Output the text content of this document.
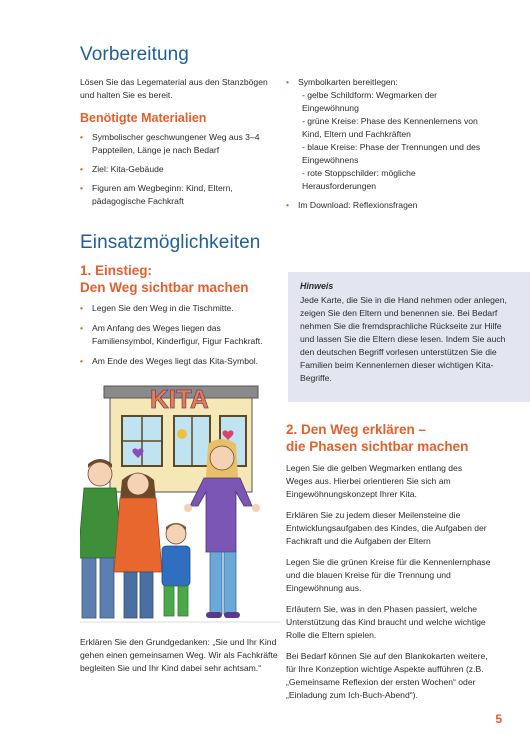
Vorbereitung

Lösen Sie das Legematerial aus den Stanzbögen und halten Sie es bereit.

Benötigte Materialien
• Symbolischer geschwungener Weg aus 3–4 Pappteilen, Länge je nach Bedarf
• Ziel: Kita-Gebäude
• Figuren am Wegbeginn: Kind, Eltern, pädagogische Fachkraft
• Symbolkarten bereitlegen:
- gelbe Schildform: Wegmarken der Eingewöhnung
- grüne Kreise: Phase des Kennenlernens von Kind, Eltern und Fachkräften
- blaue Kreise: Phase der Trennungen und des Eingewöhnens
- rote Stoppschilder: mögliche Herausforderungen
• Im Download: Reflexionsfragen
Einsatzmöglichkeiten
1. Einstieg:
Den Weg sichtbar machen
• Legen Sie den Weg in die Tischmitte.
• Am Anfang des Weges liegen das Familiensymbol, Kinderfigur, Figur Fachkraft.
• Am Ende des Weges liegt das Kita-Symbol.
KITA

Erklären Sie den Grundgedanken: „Sie und Ihr Kind gehen einen gemeinsamen Weg. Wir als Fachkräfte begleiten Sie und Ihr Kind dabei sehr achtsam.“

Hinweis
Jede Karte, die Sie in die Hand nehmen oder anlegen, zeigen Sie den Eltern und benennen sie. Bei Bedarf nehmen Sie die fremdsprachliche Rückseite zur Hilfe und lassen Sie die Eltern diese lesen. Indem Sie auch den deutschen Begriff vorlesen unterstützen Sie die Familien beim Kennenlernen dieser wichtigen Kita-Begriffe.
2. Den Weg erklären –
die Phasen sichtbar machen
Legen Sie die gelben Wegmarken entlang des Weges aus. Hierbei orientieren Sie sich am Eingewöhnungskonzept Ihrer Kita.
Erklären Sie zu jedem dieser Meilensteine die Entwicklungsaufgaben des Kindes, die Aufgaben der Fachkraft und die Aufgaben der Eltern
Legen Sie die grünen Kreise für die Kennenlernphase und die blauen Kreise für die Trennung und Eingewöhnung aus.
Erläutern Sie, was in den Phasen passiert, welche Unterstützung das Kind braucht und welche wichtige Rolle die Eltern spielen.
Bei Bedarf können Sie auf den Blankokarten weitere, für Ihre Konzeption wichtige Aspekte aufführen (z.B. „Gemeinsame Reflexion der ersten Wochen“ oder „Einladung zum Ich-Buch-Abend“).
5
